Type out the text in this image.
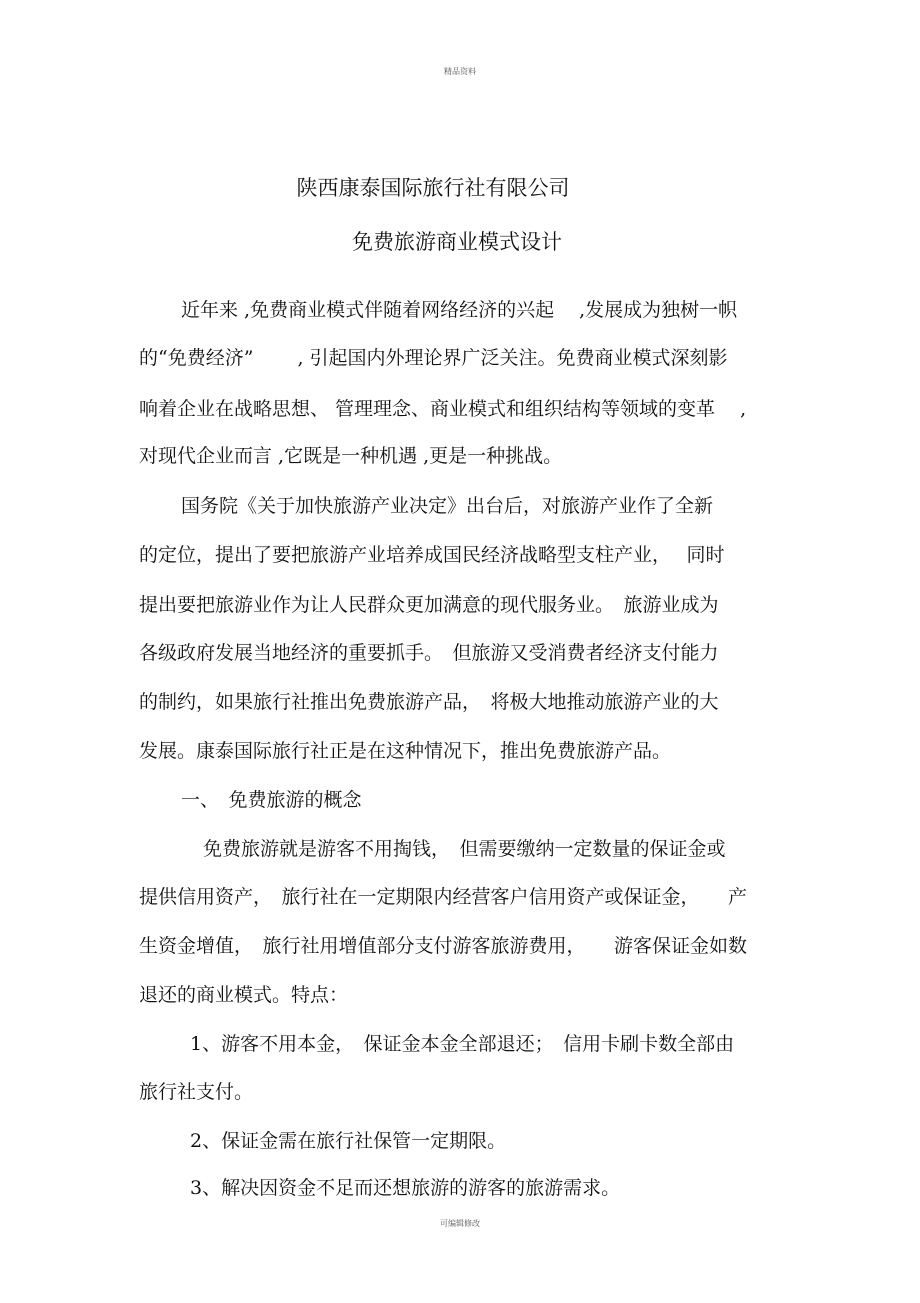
精品资料
陕西康泰国际旅行社有限公司
免费旅游商业模式设计
近年来 ,免费商业模式伴随着网络经济的兴起　 ,发展成为独树一帜
的“免费经济”　　 , 引起国内外理论界广泛关注。免费商业模式深刻影
响着企业在战略思想、 管理理念、商业模式和组织结构等领域的变革　 ,
对现代企业而言 ,它既是一种机遇 ,更是一种挑战。
国务院《关于加快旅游产业决定》出台后，对旅游产业作了全新
的定位，提出了要把旅游产业培养成国民经济战略型支柱产业，　 同时
提出要把旅游业作为让人民群众更加满意的现代服务业。　旅游业成为
各级政府发展当地经济的重要抓手。　但旅游又受消费者经济支付能力
的制约，如果旅行社推出免费旅游产品，　将极大地推动旅游产业的大
发展。康泰国际旅行社正是在这种情况下，推出免费旅游产品。
一、　免费旅游的概念
免费旅游就是游客不用掏钱，　但需要缴纳一定数量的保证金或
提供信用资产，　旅行社在一定期限内经营客户信用资产或保证金，　　产
生资金增值，　旅行社用增值部分支付游客旅游费用，　　游客保证金如数
退还的商业模式。特点：
1、游客不用本金，　保证金本金全部退还；　信用卡刷卡数全部由
旅行社支付。
2、保证金需在旅行社保管一定期限。
3、解决因资金不足而还想旅游的游客的旅游需求。
可编辑修改
